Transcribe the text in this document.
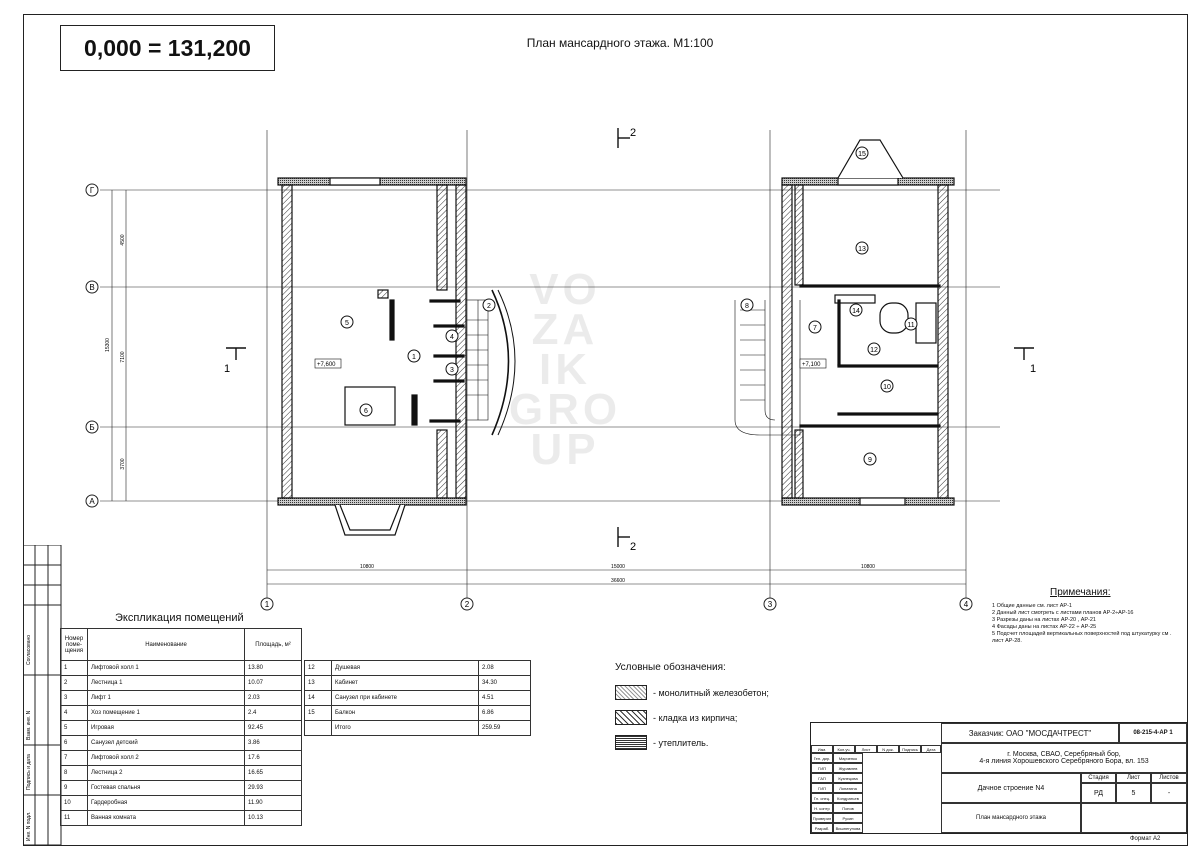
Согласовано
Инв. N подл.
Подпись и дата
Взам. инв. N
0,000 = 131,200	План мансардного этажа. М1:100
VO
ZA
IK
GRO
UP
Г
В
Б
А
4500
7100
3700
15300
10800	15000	10800
36600
1	2	3	4
1
2
3
4
5
6
7
8
9
10
11
12
13
14
15
+7,600	+7,100
1	1
2
2
Экспликация помещений
Номер поме- щения	Наименование	Площадь, м²
1	Лифтовой холл 1	13.80
2	Лестница 1	10.07
3	Лифт 1	2.03
4	Хоз помещение 1	2.4
5	Игровая	92.45
6	Санузел детский	3.86
7	Лифтовой холл 2	17.6
8	Лестница 2	16.65
9	Гостевая спальня	29.93
10	Гардеробная	11.90
11	Ванная комната	10.13
12	Душевая	2.08
13	Кабинет	34.30
14	Санузел при кабинете	4.51
15	Балкон	6.86
	Итого	259.59
Условные обозначения:
- монолитный железобетон;
- кладка из кирпича;
- утеплитель.
Примечания:
1 Общие данные см. лист АР-1
2 Данный лист смотреть с листами планов АР-2÷АР-16
3 Разрезы даны на листах АР-20 , АР-21
4 Фасады даны на листах АР-22 ÷ АР-25
5 Подсчет площадей вертикальных поверхностей под штукатурку см . лист АР-28.
Заказчик: ОАО "МОСДАЧТРЕСТ"	08-215-4-АР 1
г. Москва, СВАО, Серебряный бор,
4-я линия Хорошевского Серебряного Бора, вл. 153
Дачное строение N4
Стадия	Лист	Листов
РД	5	-
План мансардного этажа
Изм.	Кол.уч.	Лист	N док.	Подпись	Дата
Ген. дир.	Марченко
ГИП	Журавлев
ГАП	Кузнецова
ГИП	Лопатина
Гл. спец.	Кондратьев
Н. контр	Попов
Проверил	Русин
Разраб.	Вишнегунова
Формат А2
